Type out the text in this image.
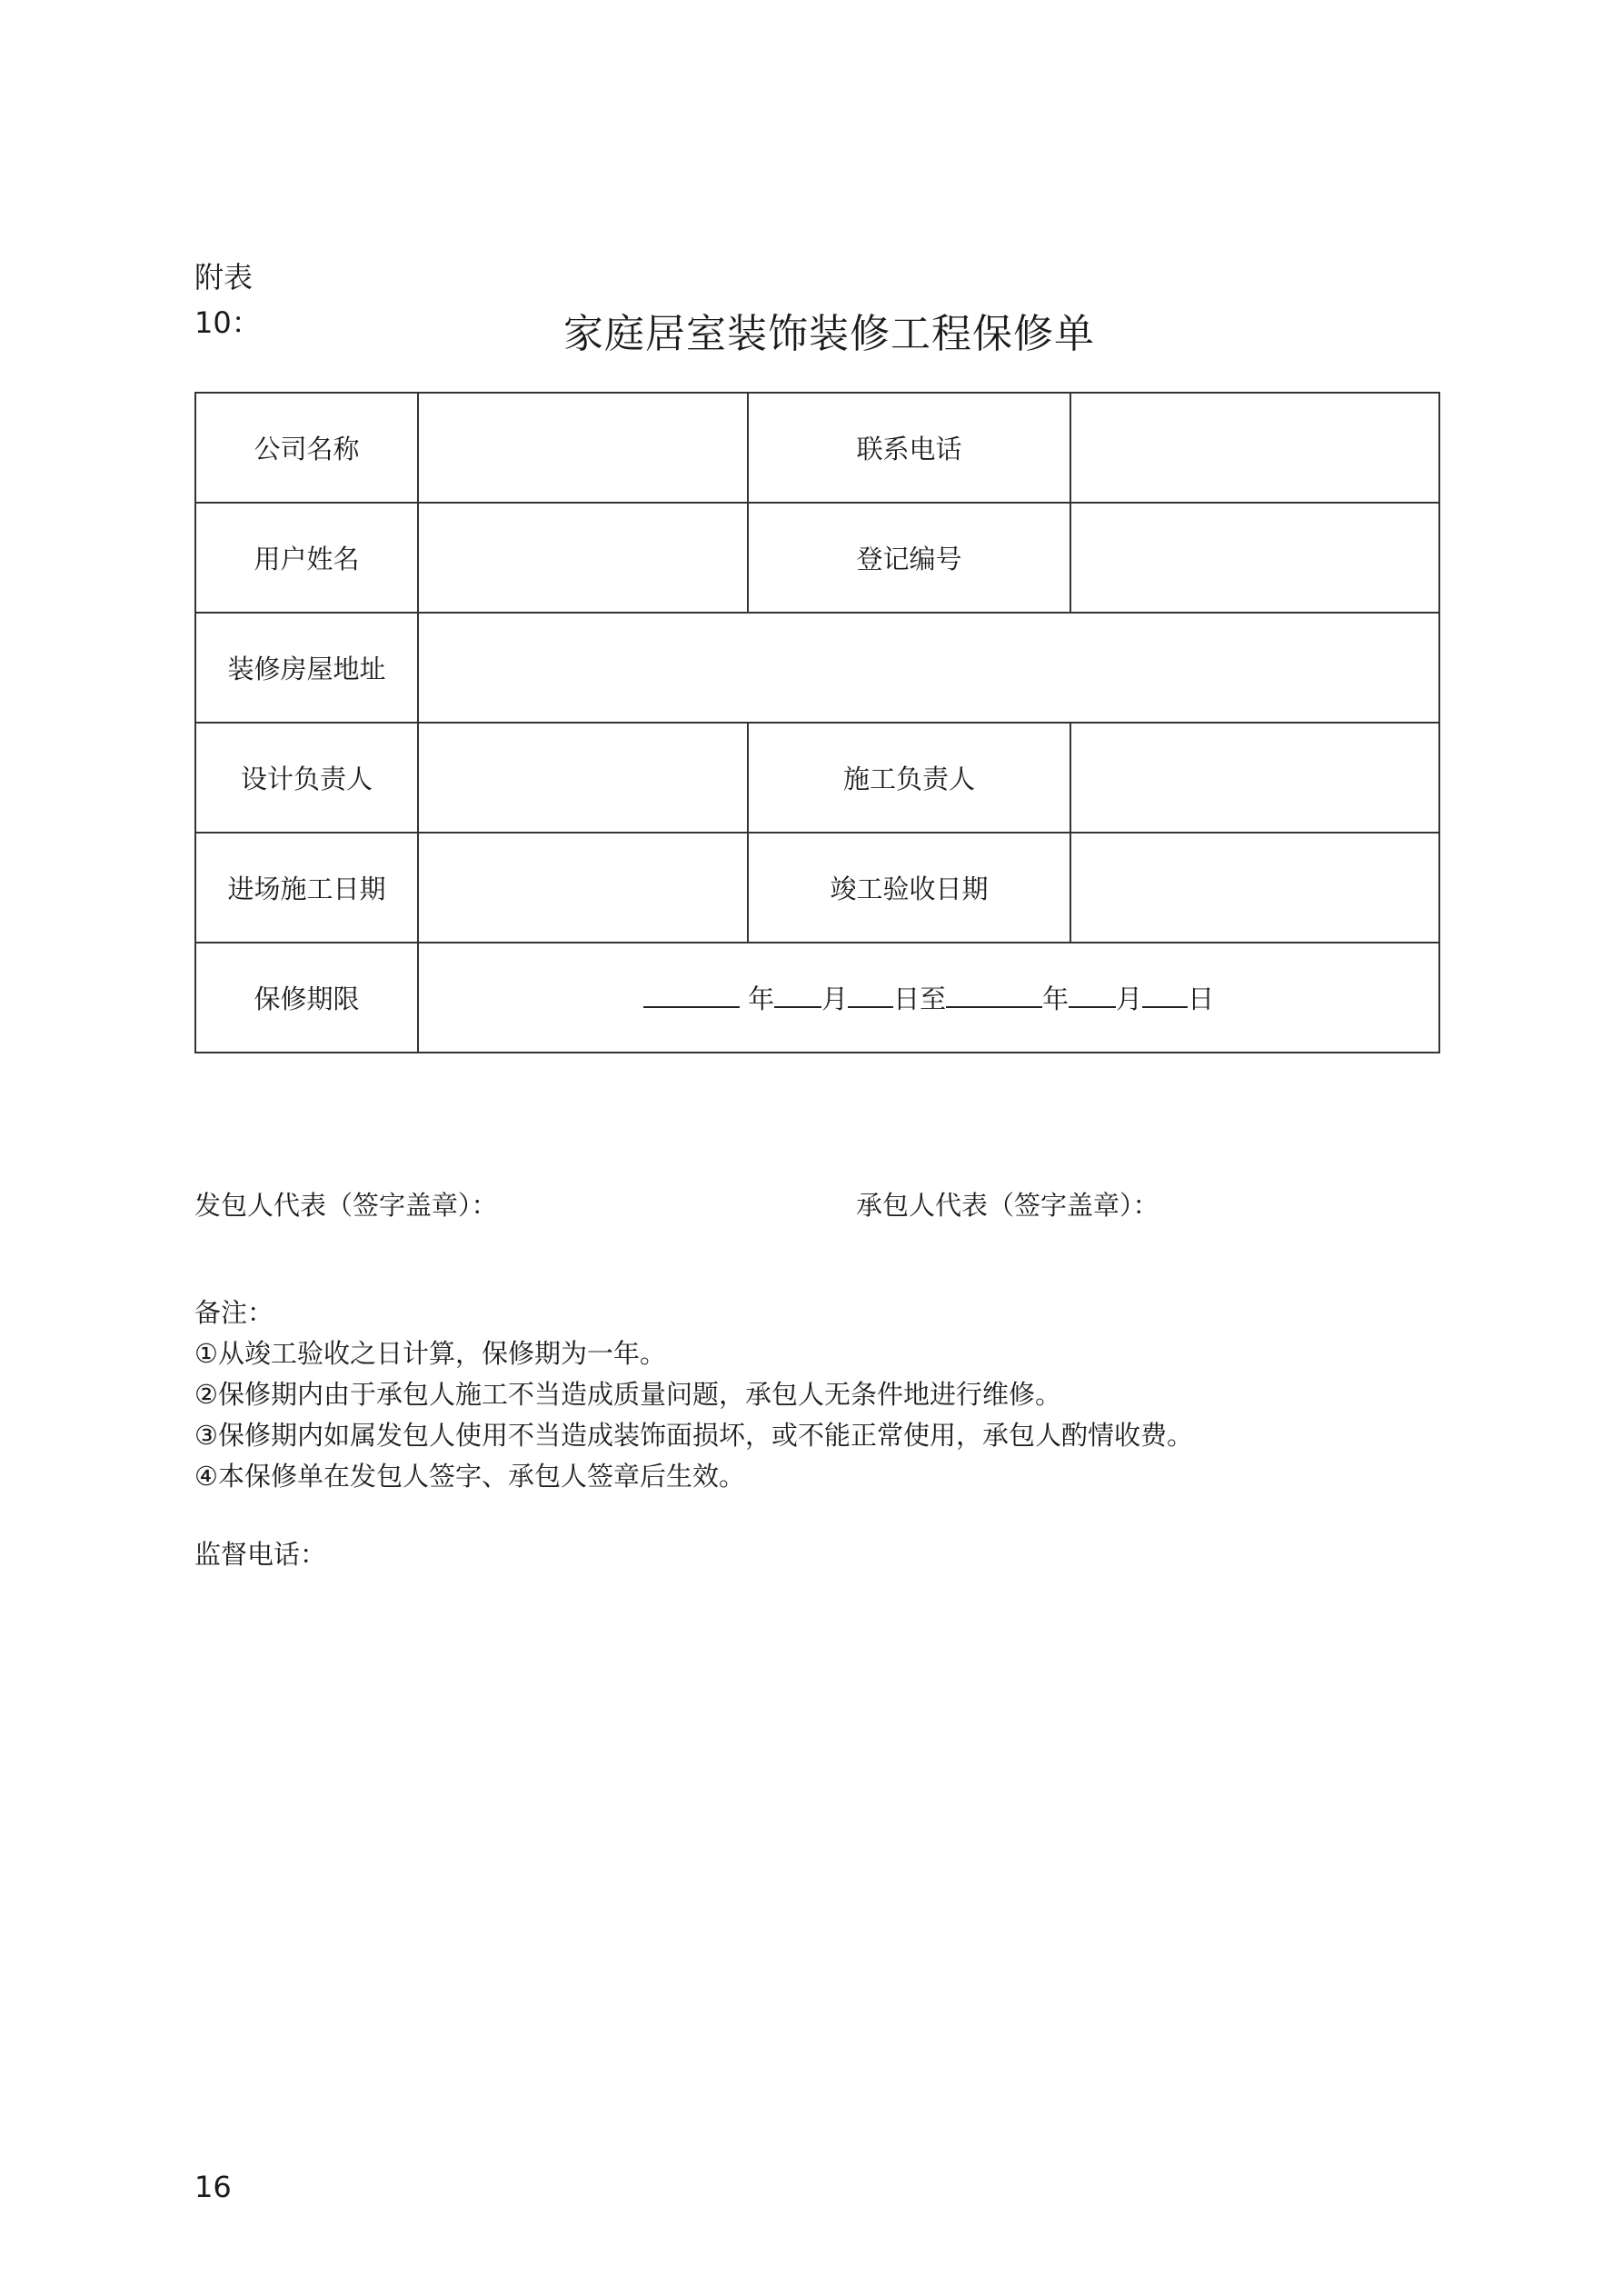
附表
10：	家庭居室装饰装修工程保修单
公司名称		联系电话	
用户姓名		登记编号	
装修房屋地址			
设计负责人		施工负责人	
进场施工日期		竣工验收日期	
保修期限	年 月 日至 年 月 日		
发包人代表（签字盖章）：	承包人代表（签字盖章）：
备注：
①从竣工验收之日计算，保修期为一年。
②保修期内由于承包人施工不当造成质量问题，承包人无条件地进行维修。
③保修期内如属发包人使用不当造成装饰面损坏，或不能正常使用，承包人酌情收费。
④本保修单在发包人签字、承包人签章后生效。
监督电话：
16
